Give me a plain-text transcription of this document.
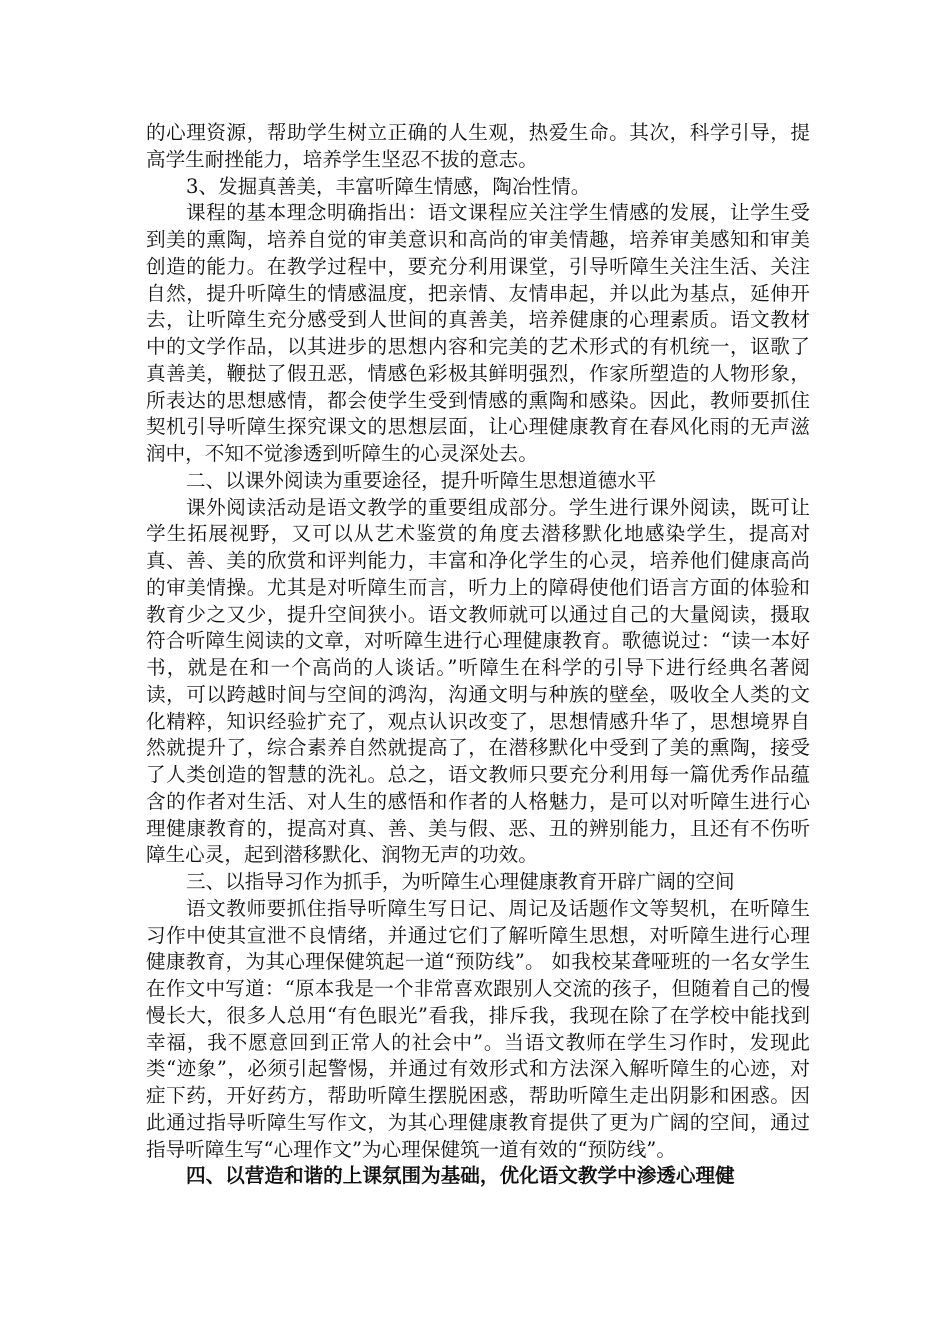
的心理资源，帮助学生树立正确的人生观，热爱生命。其次，科学引导，提高学生耐挫能力，培养学生坚忍不拔的意志。

3、发掘真善美，丰富听障生情感，陶冶性情。

课程的基本理念明确指出：语文课程应关注学生情感的发展，让学生受到美的熏陶，培养自觉的审美意识和高尚的审美情趣，培养审美感知和审美创造的能力。在教学过程中，要充分利用课堂，引导听障生关注生活、关注自然，提升听障生的情感温度，把亲情、友情串起，并以此为基点，延伸开去，让听障生充分感受到人世间的真善美，培养健康的心理素质。语文教材中的文学作品，以其进步的思想内容和完美的艺术形式的有机统一，讴歌了真善美，鞭挞了假丑恶，情感色彩极其鲜明强烈，作家所塑造的人物形象，所表达的思想感情，都会使学生受到情感的熏陶和感染。因此，教师要抓住契机引导听障生探究课文的思想层面，让心理健康教育在春风化雨的无声滋润中，不知不觉渗透到听障生的心灵深处去。

二、以课外阅读为重要途径，提升听障生思想道德水平

课外阅读活动是语文教学的重要组成部分。学生进行课外阅读，既可让学生拓展视野，又可以从艺术鉴赏的角度去潜移默化地感染学生，提高对真、善、美的欣赏和评判能力，丰富和净化学生的心灵，培养他们健康高尚的审美情操。尤其是对听障生而言，听力上的障碍使他们语言方面的体验和教育少之又少，提升空间狭小。语文教师就可以通过自己的大量阅读，摄取符合听障生阅读的文章，对听障生进行心理健康教育。歌德说过：“读一本好书，就是在和一个高尚的人谈话。”听障生在科学的引导下进行经典名著阅读，可以跨越时间与空间的鸿沟，沟通文明与种族的壁垒，吸收全人类的文化精粹，知识经验扩充了，观点认识改变了，思想情感升华了，思想境界自然就提升了，综合素养自然就提高了，在潜移默化中受到了美的熏陶，接受了人类创造的智慧的洗礼。总之，语文教师只要充分利用每一篇优秀作品蕴含的作者对生活、对人生的感悟和作者的人格魅力，是可以对听障生进行心理健康教育的，提高对真、善、美与假、恶、丑的辨别能力，且还有不伤听障生心灵，起到潜移默化、润物无声的功效。

三、以指导习作为抓手，为听障生心理健康教育开辟广阔的空间

语文教师要抓住指导听障生写日记、周记及话题作文等契机，在听障生习作中使其宣泄不良情绪，并通过它们了解听障生思想，对听障生进行心理健康教育，为其心理保健筑起一道“预防线”。 如我校某聋哑班的一名女学生在作文中写道：“原本我是一个非常喜欢跟别人交流的孩子，但随着自己的慢慢长大，很多人总用“有色眼光”看我，排斥我，我现在除了在学校中能找到幸福，我不愿意回到正常人的社会中”。当语文教师在学生习作时，发现此类“迹象”，必须引起警惕，并通过有效形式和方法深入解听障生的心迹，对症下药，开好药方，帮助听障生摆脱困惑，帮助听障生走出阴影和困惑。因此通过指导听障生写作文，为其心理健康教育提供了更为广阔的空间，通过指导听障生写“心理作文”为心理保健筑一道有效的“预防线”。

四、以营造和谐的上课氛围为基础，优化语文教学中渗透心理健
